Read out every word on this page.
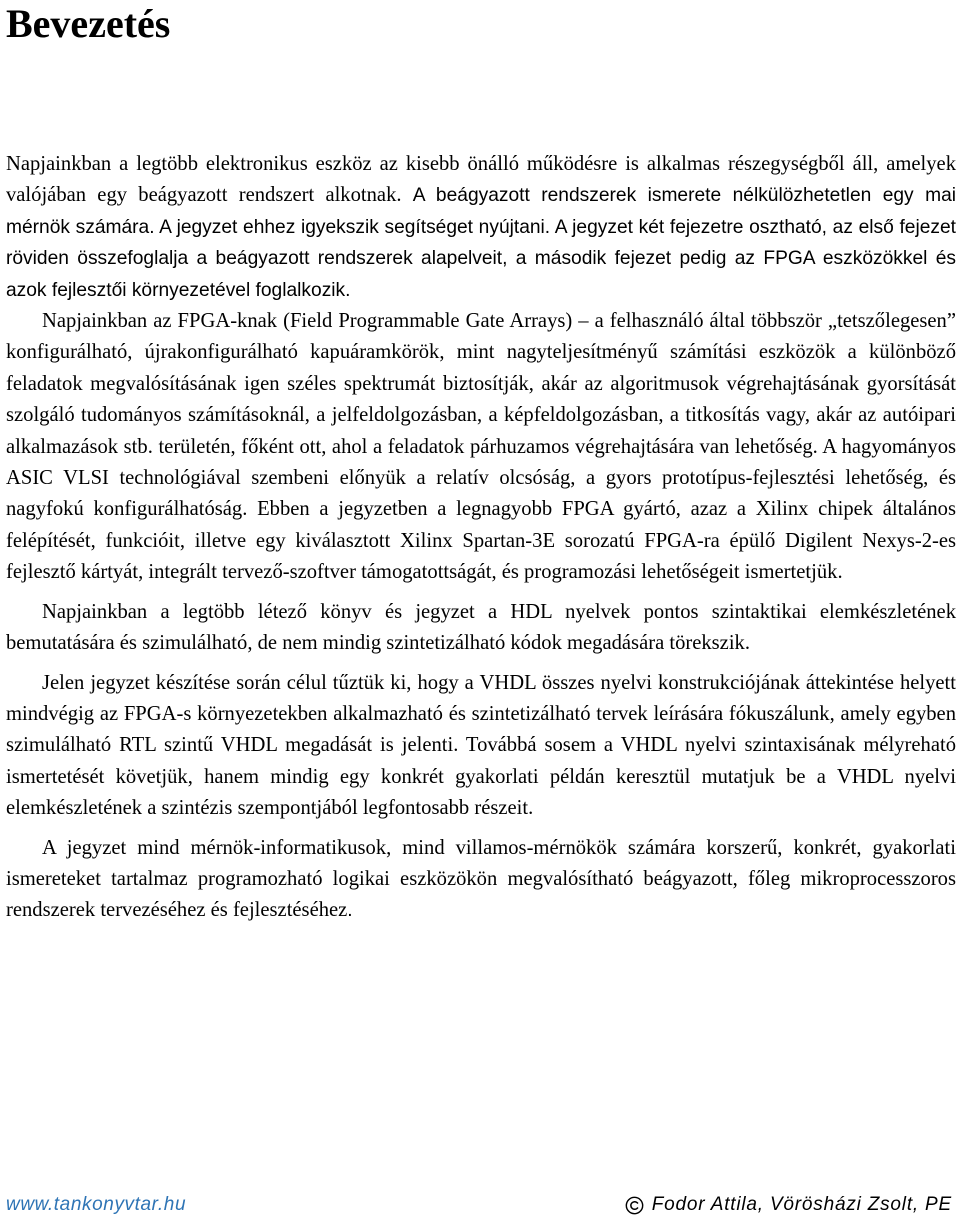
Bevezetés

Napjainkban a legtöbb elektronikus eszköz az kisebb önálló működésre is alkalmas részegységből áll, amelyek valójában egy beágyazott rendszert alkotnak. A beágyazott rendszerek ismerete nélkülözhetetlen egy mai mérnök számára. A jegyzet ehhez igyekszik segítséget nyújtani. A jegyzet két fejezetre osztható, az első fejezet röviden összefoglalja a beágyazott rendszerek alapelveit, a második fejezet pedig az FPGA eszközökkel és azok fejlesztői környezetével foglalkozik.

Napjainkban az FPGA-knak (Field Programmable Gate Arrays) – a felhasználó által többször „tetszőlegesen” konfigurálható, újrakonfigurálható kapuáramkörök, mint nagyteljesítményű számítási eszközök a különböző feladatok megvalósításának igen széles spektrumát biztosítják, akár az algoritmusok végrehajtásának gyorsítását szolgáló tudományos számításoknál, a jelfeldolgozásban, a képfeldolgozásban, a titkosítás vagy, akár az autóipari alkalmazások stb. területén, főként ott, ahol a feladatok párhuzamos végrehajtására van lehetőség. A hagyományos ASIC VLSI technológiával szembeni előnyük a relatív olcsóság, a gyors prototípus-fejlesztési lehetőség, és nagyfokú konfigurálhatóság. Ebben a jegyzetben a legnagyobb FPGA gyártó, azaz a Xilinx chipek általános felépítését, funkcióit, illetve egy kiválasztott Xilinx Spartan-3E sorozatú FPGA-ra épülő Digilent Nexys-2-es fejlesztő kártyát, integrált tervező-szoftver támogatottságát, és programozási lehetőségeit ismertetjük.

Napjainkban a legtöbb létező könyv és jegyzet a HDL nyelvek pontos szintaktikai elemkészletének bemutatására és szimulálható, de nem mindig szintetizálható kódok megadására törekszik.

Jelen jegyzet készítése során célul tűztük ki, hogy a VHDL összes nyelvi konstrukciójának áttekintése helyett mindvégig az FPGA-s környezetekben alkalmazható és szintetizálható tervek leírására fókuszálunk, amely egyben szimulálható RTL szintű VHDL megadását is jelenti. Továbbá sosem a VHDL nyelvi szintaxisának mélyreható ismertetését követjük, hanem mindig egy konkrét gyakorlati példán keresztül mutatjuk be a VHDL nyelvi elemkészletének a szintézis szempontjából legfontosabb részeit.

A jegyzet mind mérnök-informatikusok, mind villamos-mérnökök számára korszerű, konkrét, gyakorlati ismereteket tartalmaz programozható logikai eszközökön megvalósítható beágyazott, főleg mikroprocesszoros rendszerek tervezéséhez és fejlesztéséhez.

www.tankonyvtar.hu	Fodor Attila, Vörösházi Zsolt, PE
